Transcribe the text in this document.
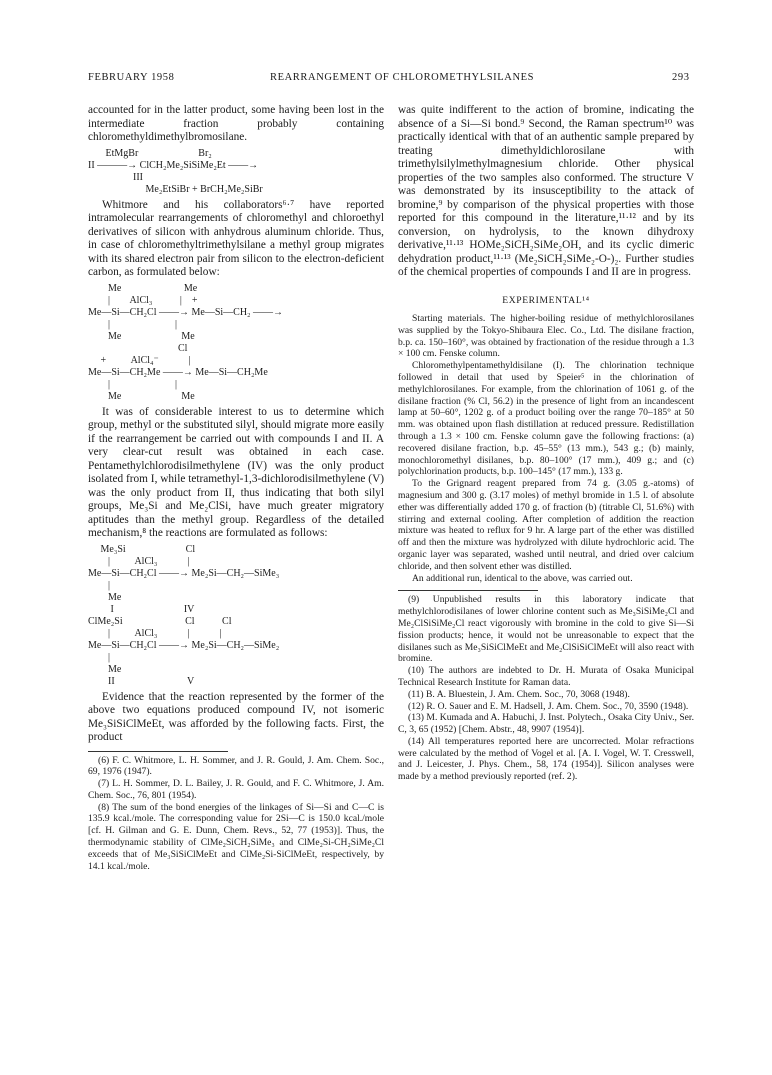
FEBRUARY 1958	REARRANGEMENT OF CHLOROMETHYLSILANES	293

accounted for in the latter product, some having been lost in the intermediate fraction probably containing chloromethyldimethylbromosilane.

EtMgBr                        Br₂
II ———→ ClCH₂Me₂SiSiMe₂Et ——→
III
Me₂EtSiBr + BrCH₂Me₂SiBr

Whitmore and his collaborators⁶·⁷ have reported intramolecular rearrangements of chloromethyl and chloroethyl derivatives of silicon with anhydrous aluminum chloride. Thus, in case of chloromethyltrimethylsilane a methyl group migrates with its shared electron pair from silicon to the electron-deficient carbon, as formulated below:

Me                         Me
|        AlCl₃           |    +
Me—Si—CH₂Cl ——→ Me—Si—CH₂ ——→
|                          |
Me                        Me
Cl
+          AlCl₄⁻            |
Me—Si—CH₂Me ——→ Me—Si—CH₂Me
|                          |
Me                        Me

It was of considerable interest to us to determine which group, methyl or the substituted silyl, should migrate more easily if the rearrangement be carried out with compounds I and II. A very clear-cut result was obtained in each case. Pentamethylchlorodisilmethylene (IV) was the only product isolated from I, while tetramethyl-1,3-dichlorodisilmethylene (V) was the only product from II, thus indicating that both silyl groups, Me₃Si and Me₂ClSi, have much greater migratory aptitudes than the methyl group. Regardless of the detailed mechanism,⁸ the reactions are formulated as follows:

Me₃Si                        Cl
|          AlCl₃            |
Me—Si—CH₂Cl ——→ Me₂Si—CH₂—SiMe₃
|
Me
I                            IV
ClMe₂Si                         Cl           Cl
|          AlCl₃            |            |
Me—Si—CH₂Cl ——→ Me₂Si—CH₂—SiMe₂
|
Me
II                             V

Evidence that the reaction represented by the former of the above two equations produced compound IV, not isomeric Me₃SiSiClMeEt, was afforded by the following facts. First, the product

(6) F. C. Whitmore, L. H. Sommer, and J. R. Gould, J. Am. Chem. Soc., 69, 1976 (1947).

(7) L. H. Sommer, D. L. Bailey, J. R. Gould, and F. C. Whitmore, J. Am. Chem. Soc., 76, 801 (1954).

(8) The sum of the bond energies of the linkages of Si—Si and C—C is 135.9 kcal./mole. The corresponding value for 2Si—C is 150.0 kcal./mole [cf. H. Gilman and G. E. Dunn, Chem. Revs., 52, 77 (1953)]. Thus, the thermodynamic stability of ClMe₂SiCH₂SiMe₃ and ClMe₂Si-CH₂SiMe₂Cl exceeds that of Me₃SiSiClMeEt and ClMe₂Si-SiClMeEt, respectively, by 14.1 kcal./mole.

was quite indifferent to the action of bromine, indicating the absence of a Si—Si bond.⁹ Second, the Raman spectrum¹⁰ was practically identical with that of an authentic sample prepared by treating dimethyldichlorosilane with trimethylsilylmethylmagnesium chloride. Other physical properties of the two samples also conformed. The structure V was demonstrated by its insusceptibility to the attack of bromine,⁹ by comparison of the physical properties with those reported for this compound in the literature,¹¹·¹² and by its conversion, on hydrolysis, to the known dihydroxy derivative,¹¹·¹³ HOMe₂SiCH₂SiMe₂OH, and its cyclic dimeric dehydration product,¹¹·¹³ (Me₂SiCH₂SiMe₂-O-)₂. Further studies of the chemical properties of compounds I and II are in progress.

EXPERIMENTAL¹⁴

Starting materials. The higher-boiling residue of methylchlorosilanes was supplied by the Tokyo-Shibaura Elec. Co., Ltd. The disilane fraction, b.p. ca. 150–160°, was obtained by fractionation of the residue through a 1.3 × 100 cm. Fenske column.

Chloromethylpentamethyldisilane (I). The chlorination technique followed in detail that used by Speier⁵ in the chlorination of methylchlorosilanes. For example, from the chlorination of 1061 g. of the disilane fraction (% Cl, 56.2) in the presence of light from an incandescent lamp at 50–60°, 1202 g. of a product boiling over the range 70–185° at 50 mm. was obtained upon flash distillation at reduced pressure. Redistillation through a 1.3 × 100 cm. Fenske column gave the following fractions: (a) recovered disilane fraction, b.p. 45–55° (13 mm.), 543 g.; (b) mainly, monochloromethyl disilanes, b.p. 80–100° (17 mm.), 409 g.; and (c) polychlorination products, b.p. 100–145° (17 mm.), 133 g.

To the Grignard reagent prepared from 74 g. (3.05 g.-atoms) of magnesium and 300 g. (3.17 moles) of methyl bromide in 1.5 l. of absolute ether was differentially added 170 g. of fraction (b) (titrable Cl, 51.6%) with stirring and external cooling. After completion of addition the reaction mixture was heated to reflux for 9 hr. A large part of the ether was distilled off and then the mixture was hydrolyzed with dilute hydrochloric acid. The organic layer was separated, washed until neutral, and dried over calcium chloride, and then solvent ether was distilled.

An additional run, identical to the above, was carried out.

(9) Unpublished results in this laboratory indicate that methylchlorodisilanes of lower chlorine content such as Me₃SiSiMe₂Cl and Me₂ClSiSiMe₂Cl react vigorously with bromine in the cold to give Si—Si fission products; hence, it would not be unreasonable to expect that the disilanes such as Me₃SiSiClMeEt and Me₂ClSiSiClMeEt will also react with bromine.

(10) The authors are indebted to Dr. H. Murata of Osaka Municipal Technical Research Institute for Raman data.

(11) B. A. Bluestein, J. Am. Chem. Soc., 70, 3068 (1948).

(12) R. O. Sauer and E. M. Hadsell, J. Am. Chem. Soc., 70, 3590 (1948).

(13) M. Kumada and A. Habuchi, J. Inst. Polytech., Osaka City Univ., Ser. C, 3, 65 (1952) [Chem. Abstr., 48, 9907 (1954)].

(14) All temperatures reported here are uncorrected. Molar refractions were calculated by the method of Vogel et al. [A. I. Vogel, W. T. Cresswell, and J. Leicester, J. Phys. Chem., 58, 174 (1954)]. Silicon analyses were made by a method previously reported (ref. 2).
